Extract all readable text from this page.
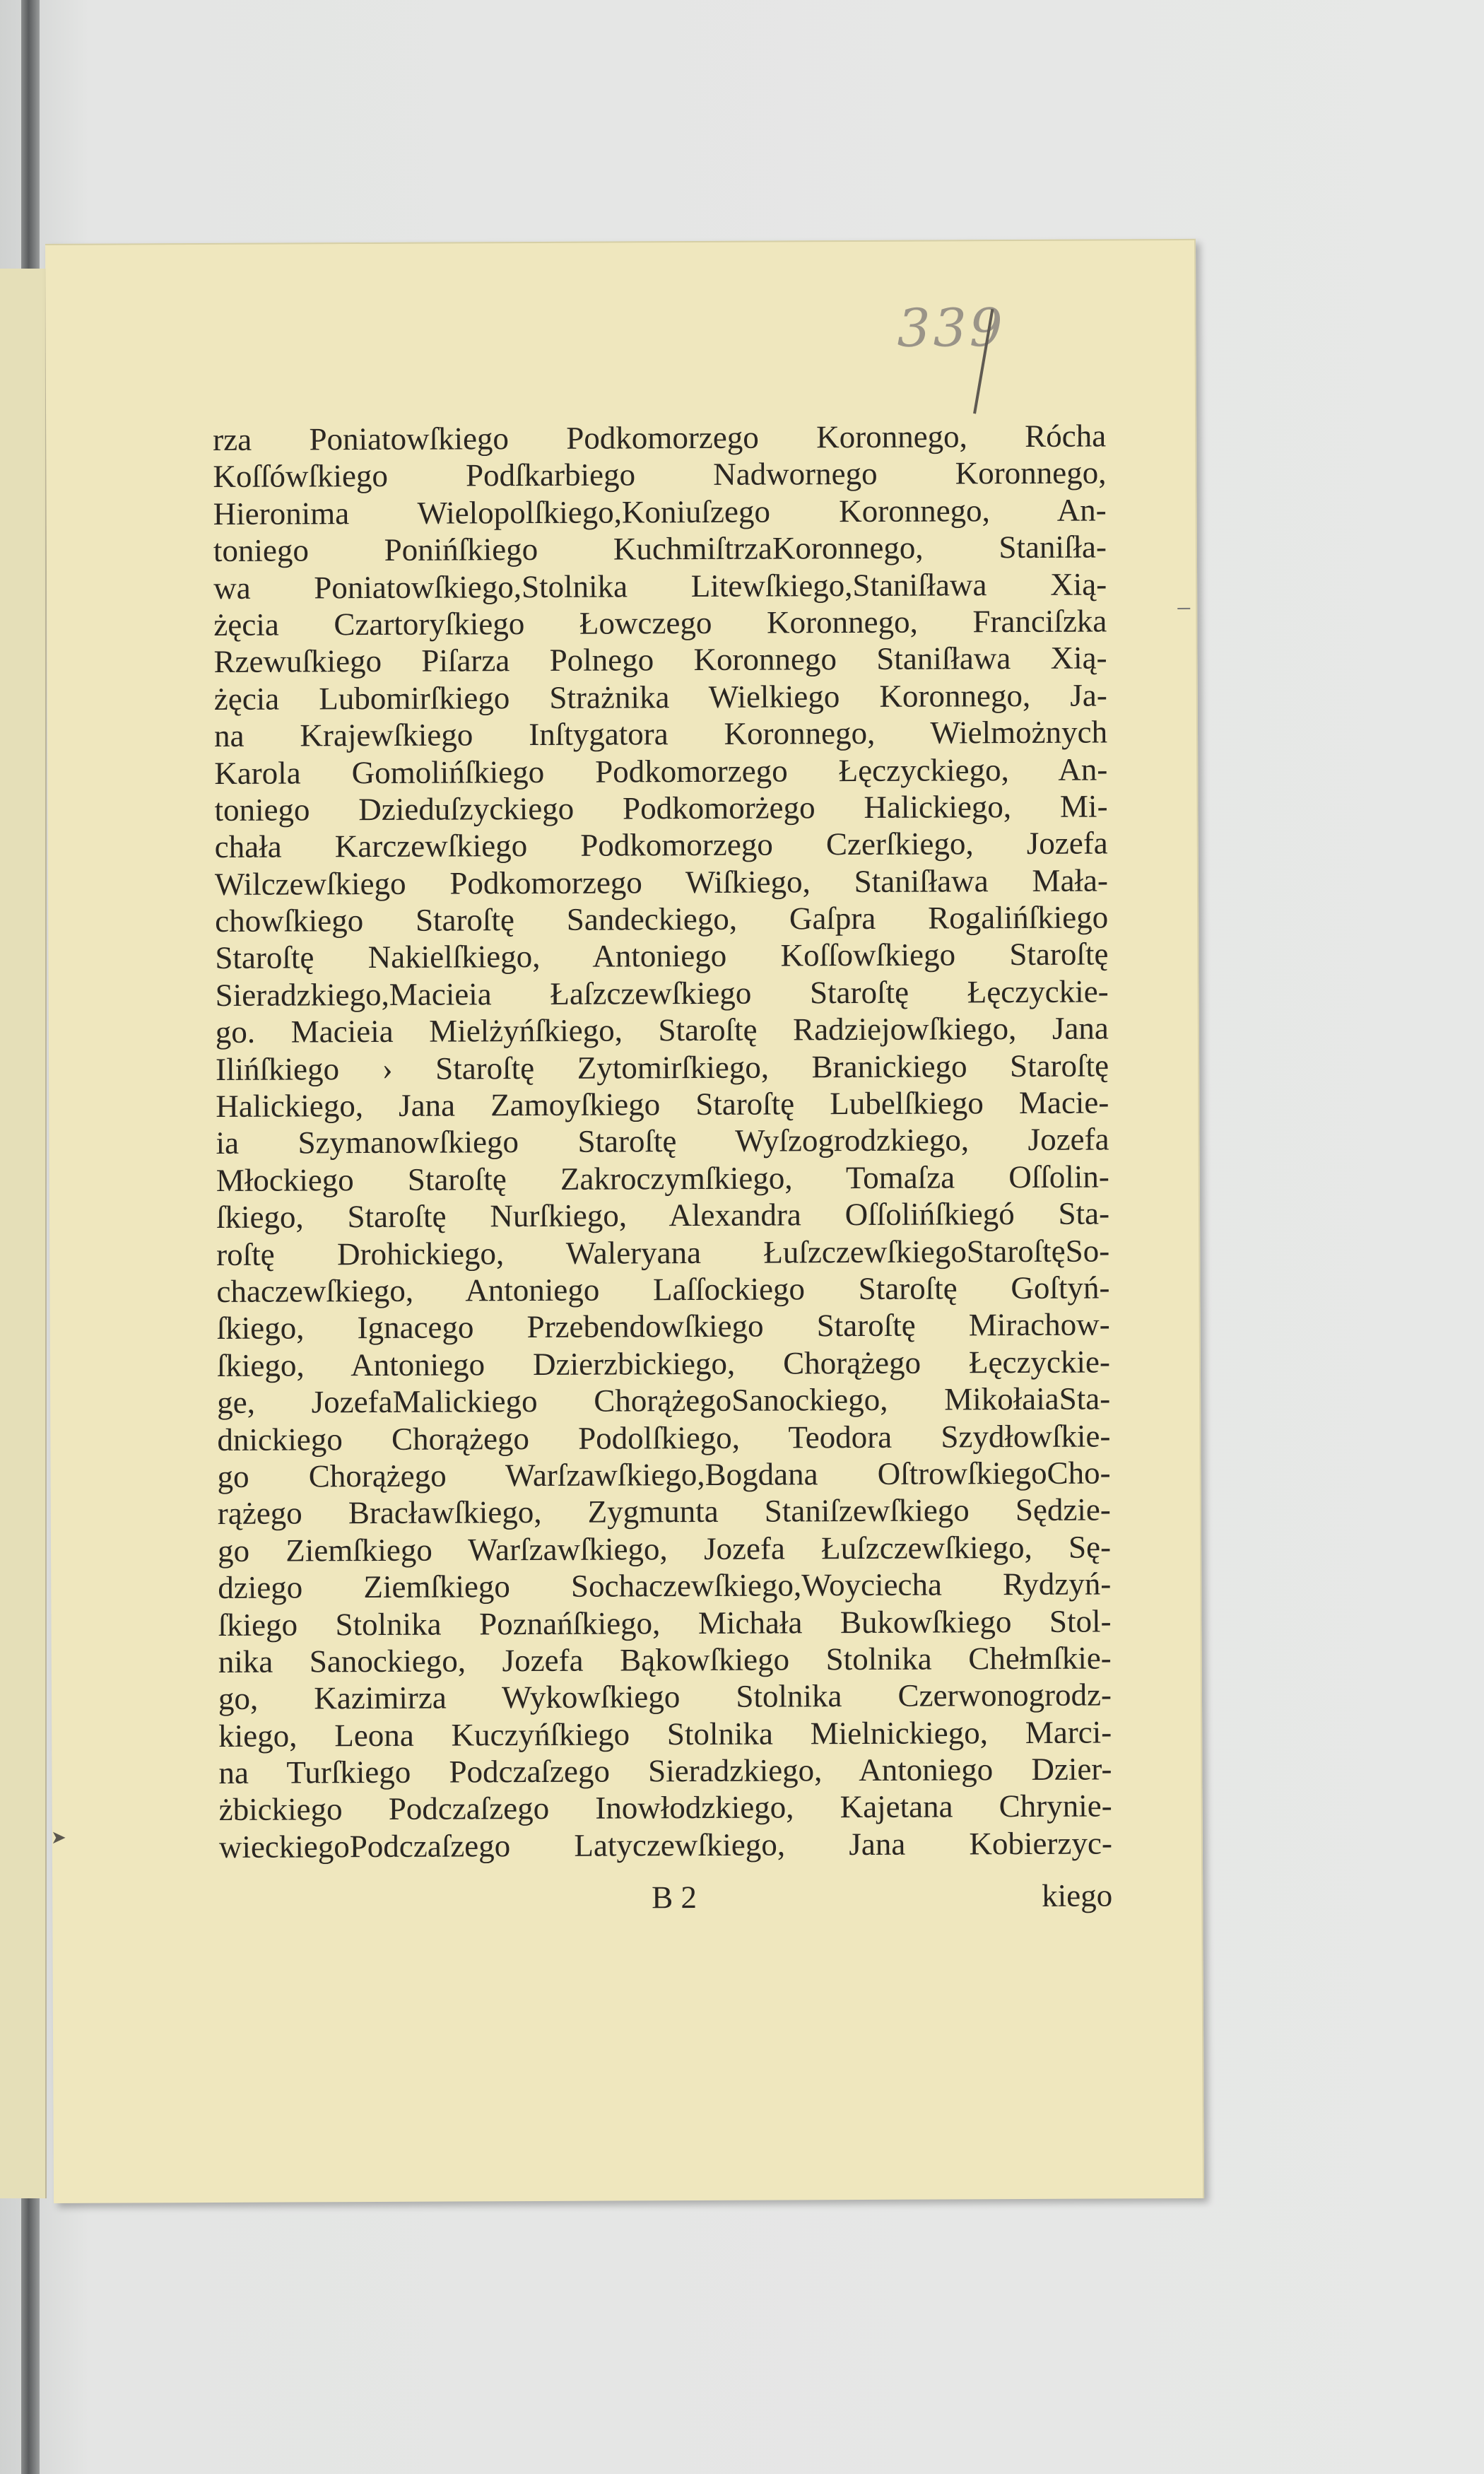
339
rza Poniatowſkiego Podkomorzego Koronnego, Rócha
Koſſówſkiego Podſkarbiego Nadwornego Koronnego,
Hieronima Wielopolſkiego,Koniuſzego Koronnego, An-
toniego Ponińſkiego KuchmiſtrzaKoronnego, Staniſła-
wa Poniatowſkiego,Stolnika Litewſkiego,Staniſława Xią-
żęcia Czartoryſkiego Łowczego Koronnego, Franciſzka
Rzewuſkiego Piſarza Polnego Koronnego Staniſława Xią-
żęcia Lubomirſkiego Strażnika Wielkiego Koronnego, Ja-
na Krajewſkiego Inſtygatora Koronnego, Wielmożnych
Karola Gomolińſkiego Podkomorzego Łęczyckiego, An-
toniego Dzieduſzyckiego Podkomorżego Halickiego, Mi-
chała Karczewſkiego Podkomorzego Czerſkiego, Jozefa
Wilczewſkiego Podkomorzego Wiſkiego, Staniſława Mała-
chowſkiego Staroſtę Sandeckiego, Gaſpra Rogalińſkiego
Staroſtę Nakielſkiego, Antoniego Koſſowſkiego Staroſtę
Sieradzkiego,Macieia Łaſzczewſkiego Staroſtę Łęczyckie-
go. Macieia Mielżyńſkiego, Staroſtę Radziejowſkiego, Jana
Ilińſkiego › Staroſtę Zytomirſkiego, Branickiego Staroſtę
Halickiego, Jana Zamoyſkiego Staroſtę Lubelſkiego Macie-
ia Szymanowſkiego Staroſtę Wyſzogrodzkiego, Jozefa
Młockiego Staroſtę Zakroczymſkiego, Tomaſza Oſſolin-
ſkiego, Staroſtę Nurſkiego, Alexandra Oſſolińſkiegó Sta-
roſtę Drohickiego, Waleryana ŁuſzczewſkiegoStaroſtęSo-
chaczewſkiego, Antoniego Laſſockiego Staroſtę Goſtyń-
ſkiego, Ignacego Przebendowſkiego Staroſtę Mirachow-
ſkiego, Antoniego Dzierzbickiego, Chorążego Łęczyckie-
ge, JozefaMalickiego ChorążegoSanockiego, MikołaiaSta-
dnickiego Chorążego Podolſkiego, Teodora Szydłowſkie-
go Chorążego Warſzawſkiego,Bogdana OſtrowſkiegoCho-
rążego Bracławſkiego, Zygmunta Staniſzewſkiego Sędzie-
go Ziemſkiego Warſzawſkiego, Jozefa Łuſzczewſkiego, Sę-
dziego Ziemſkiego Sochaczewſkiego,Woyciecha Rydzyń-
ſkiego Stolnika Poznańſkiego, Michała Bukowſkiego Stol-
nika Sanockiego, Jozefa Bąkowſkiego Stolnika Chełmſkie-
go, Kazimirza Wykowſkiego Stolnika Czerwonogrodz-
kiego, Leona Kuczyńſkiego Stolnika Mielnickiego, Marci-
na Turſkiego Podczaſzego Sieradzkiego, Antoniego Dzier-
żbickiego Podczaſzego Inowłodzkiego, Kajetana Chrynie-
wieckiegoPodczaſzego Latyczewſkiego, Jana Kobierzyc-
B 2	kiego
➤
